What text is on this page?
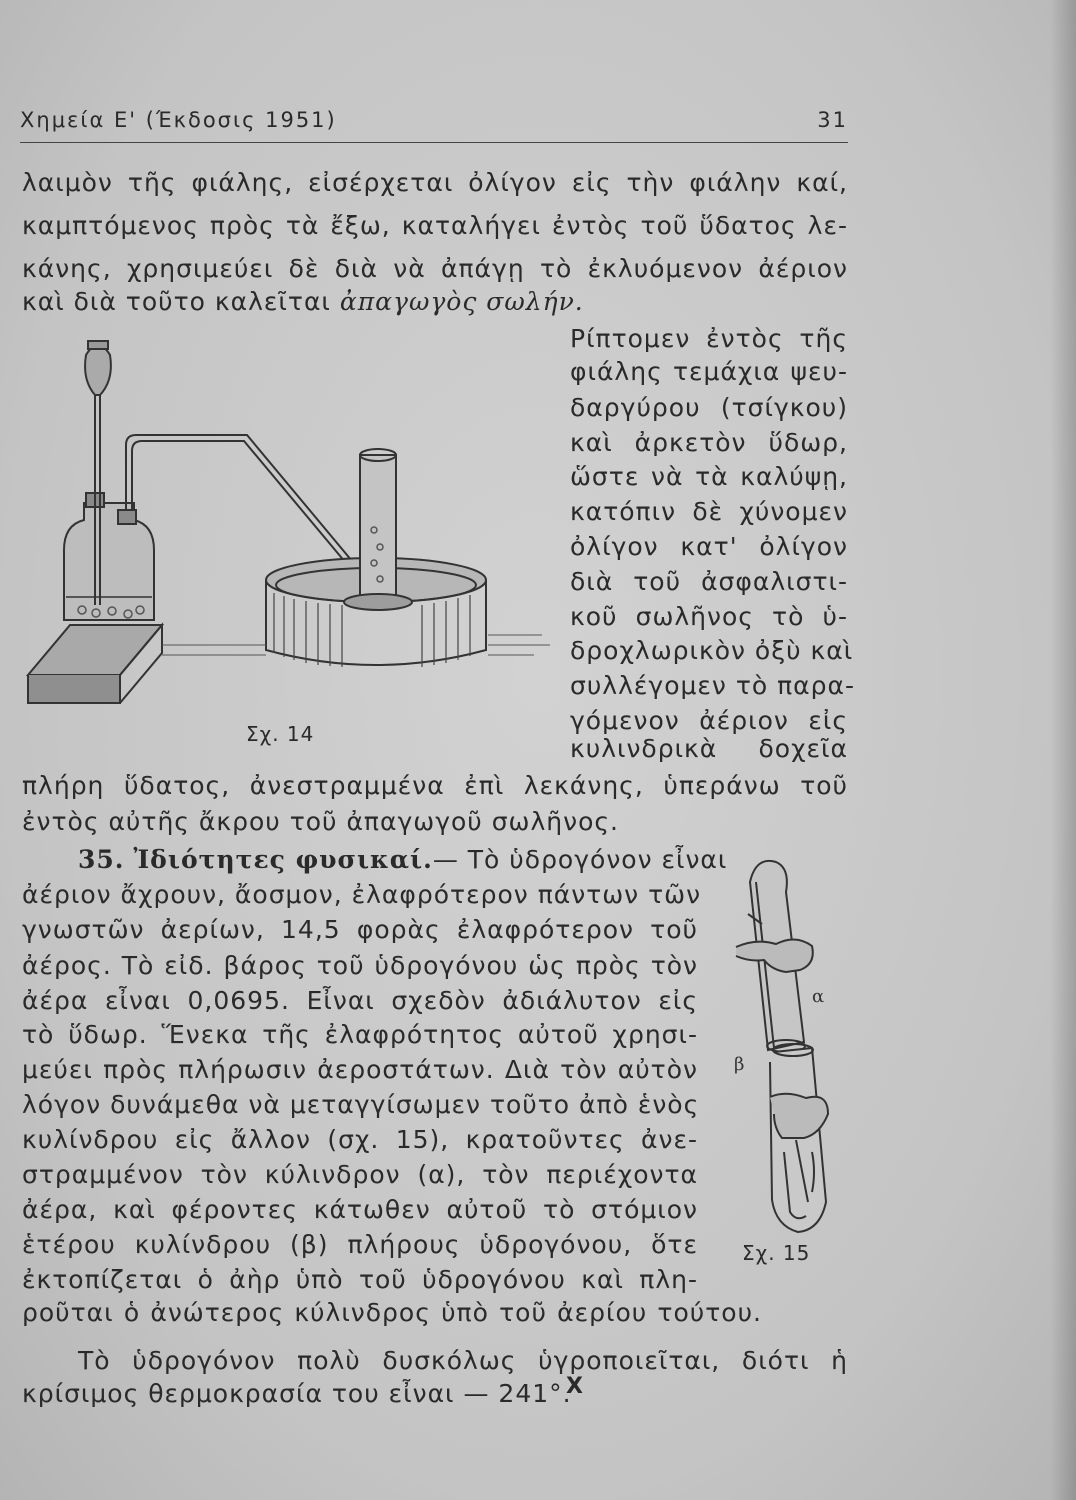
Χημεία Ε' (Έκδοσις 1951)	31
λαιμὸν τῆς φιάλης, εἰσέρχεται ὀλίγον εἰς τὴν φιάλην καί,
καμπτόμενος πρὸς τὰ ἔξω, καταλήγει ἐντὸς τοῦ ὕδατος λε-
κάνης, χρησιμεύει δὲ διὰ νὰ ἀπάγῃ τὸ ἐκλυόμενον ἀέριον
καὶ διὰ τοῦτο καλεῖται ἀπαγωγὸς σωλήν.
Ρίπτομεν ἐντὸς τῆς
φιάλης τεμάχια ψευ-
δαργύρου (τσίγκου)
καὶ ἀρκετὸν ὕδωρ,
ὥστε νὰ τὰ καλύψῃ,
κατόπιν δὲ χύνομεν
ὀλίγον κατ' ὀλίγον
διὰ τοῦ ἀσφαλιστι-
κοῦ σωλῆνος τὸ ὑ-
δροχλωρικὸν ὀξὺ καὶ
συλλέγομεν τὸ παρα-
γόμενον ἀέριον εἰς
κυλινδρικὰ δοχεῖα
Σχ. 14
πλήρη ὕδατος, ἀνεστραμμένα ἐπὶ λεκάνης, ὑπεράνω τοῦ
ἐντὸς αὐτῆς ἄκρου τοῦ ἀπαγωγοῦ σωλῆνος.
35. Ἰδιότητες φυσικαί.— Τὸ ὑδρογόνον εἶναι
ἀέριον ἄχρουν, ἄοσμον, ἐλαφρότερον πάντων τῶν
γνωστῶν ἀερίων, 14,5 φορὰς ἐλαφρότερον τοῦ
ἀέρος. Τὸ εἰδ. βάρος τοῦ ὑδρογόνου ὡς πρὸς τὸν
ἀέρα εἶναι 0,0695. Εἶναι σχεδὸν ἀδιάλυτον εἰς
τὸ ὕδωρ. Ἕνεκα τῆς ἐλαφρότητος αὐτοῦ χρησι-
μεύει πρὸς πλήρωσιν ἀεροστάτων. Διὰ τὸν αὐτὸν
λόγον δυνάμεθα νὰ μεταγγίσωμεν τοῦτο ἀπὸ ἑνὸς
κυλίνδρου εἰς ἄλλον (σχ. 15), κρατοῦντες ἀνε-
στραμμένον τὸν κύλινδρον (α), τὸν περιέχοντα
ἀέρα, καὶ φέροντες κάτωθεν αὐτοῦ τὸ στόμιον
ἑτέρου κυλίνδρου (β) πλήρους ὑδρογόνου, ὅτε
ἐκτοπίζεται ὁ ἀὴρ ὑπὸ τοῦ ὑδρογόνου καὶ πλη-
ροῦται ὁ ἀνώτερος κύλινδρος ὑπὸ τοῦ ἀερίου τούτου.
β
α
Σχ. 15
Τὸ ὑδρογόνον πολὺ δυσκόλως ὑγροποιεῖται, διότι ἡ
κρίσιμος θερμοκρασία του εἶναι — 241°.
X
